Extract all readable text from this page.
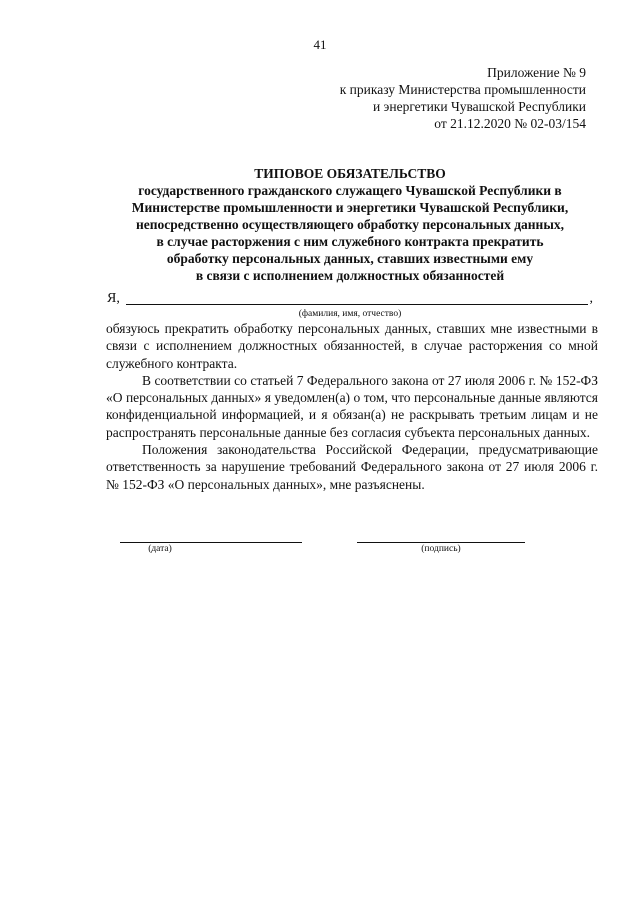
41
Приложение № 9
к приказу Министерства промышленности
и энергетики Чувашской Республики
от 21.12.2020 № 02-03/154
ТИПОВОЕ ОБЯЗАТЕЛЬСТВО
государственного гражданского служащего Чувашской Республики в
Министерстве промышленности и энергетики Чувашской Республики,
непосредственно осуществляющего обработку персональных данных,
в случае расторжения с ним служебного контракта прекратить
обработку персональных данных, ставших известными ему
в связи с исполнением должностных обязанностей
Я,	,
(фамилия, имя, отчество)

обязуюсь прекратить обработку персональных данных, ставших мне известными в связи с исполнением должностных обязанностей, в случае расторжения со мной служебного контракта.

В соответствии со статьей 7 Федерального закона от 27 июля 2006 г. № 152-ФЗ «О персональных данных» я уведомлен(а) о том, что персональные данные являются конфиденциальной информацией, и я обязан(а) не раскрывать третьим лицам и не распространять персональные данные без согласия субъекта персональных данных.

Положения законодательства Российской Федерации, предусматривающие ответственность за нарушение требований Федерального закона от 27 июля 2006 г. № 152-ФЗ «О персональных данных», мне разъяснены.

(дата)	(подпись)
